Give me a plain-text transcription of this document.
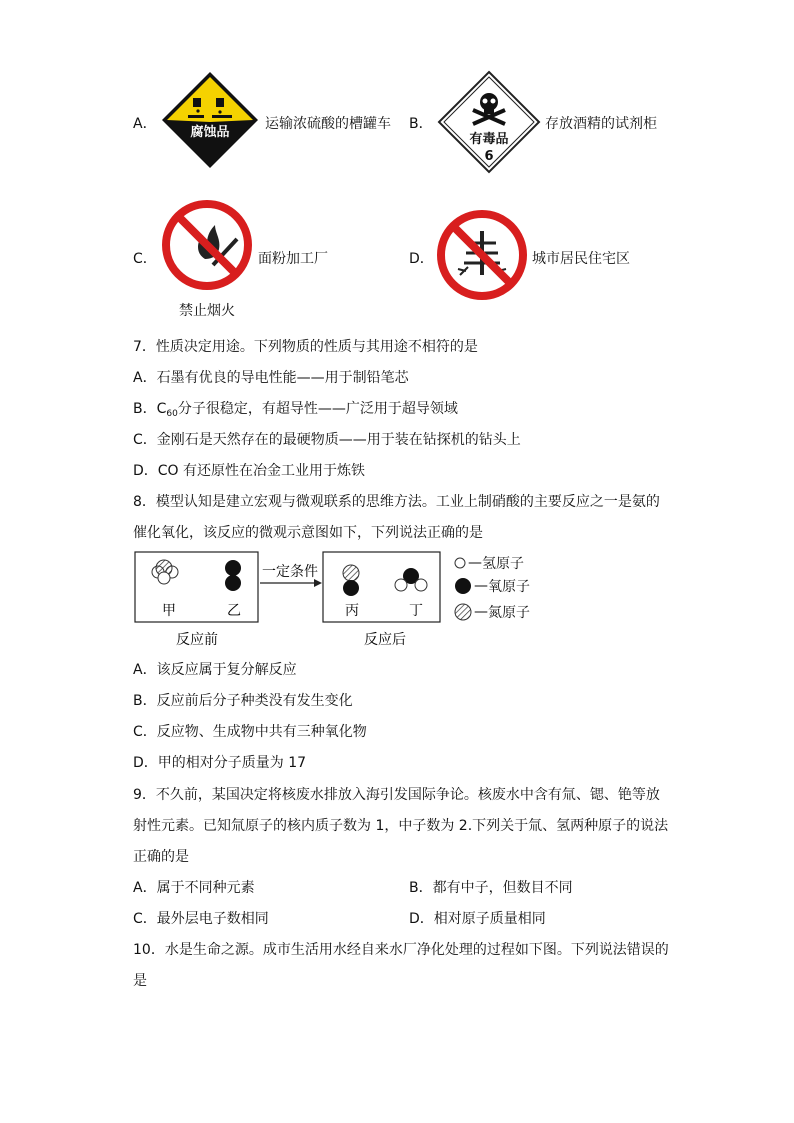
A．
腐蚀品
运输浓硫酸的槽罐车 B．
有毒品
6
存放酒精的试剂柜
C．	面粉加工厂
禁止烟火
D．	城市居民住宅区
7．性质决定用途。下列物质的性质与其用途不相符的是
A．石墨有优良的导电性能——用于制铅笔芯
B．$C_{60}$分子很稳定，有超导性——广泛用于超导领域
C．金刚石是天然存在的最硬物质——用于装在钻探机的钻头上
D．CO 有还原性在冶金工业用于炼铁
8．模型认知是建立宏观与微观联系的思维方法。工业上制硝酸的主要反应之一是氨的
催化氧化，该反应的微观示意图如下，下列说法正确的是
甲	乙
一定条件
丙	丁
反应前	反应后
— 氢原子
— 氧原子
— 氮原子
A．该反应属于复分解反应
B．反应前后分子种类没有发生变化
C．反应物、生成物中共有三种氧化物
D．甲的相对分子质量为 17
9．不久前，某国决定将核废水排放入海引发国际争论。核废水中含有氚、锶、铯等放
射性元素。已知氚原子的核内质子数为 1，中子数为 2.下列关于氚、氢两种原子的说法
正确的是
A．属于不同种元素	B．都有中子，但数目不同
C．最外层电子数相同	D．相对原子质量相同
10．水是生命之源。成市生活用水经自来水厂净化处理的过程如下图。下列说法错误的
是
